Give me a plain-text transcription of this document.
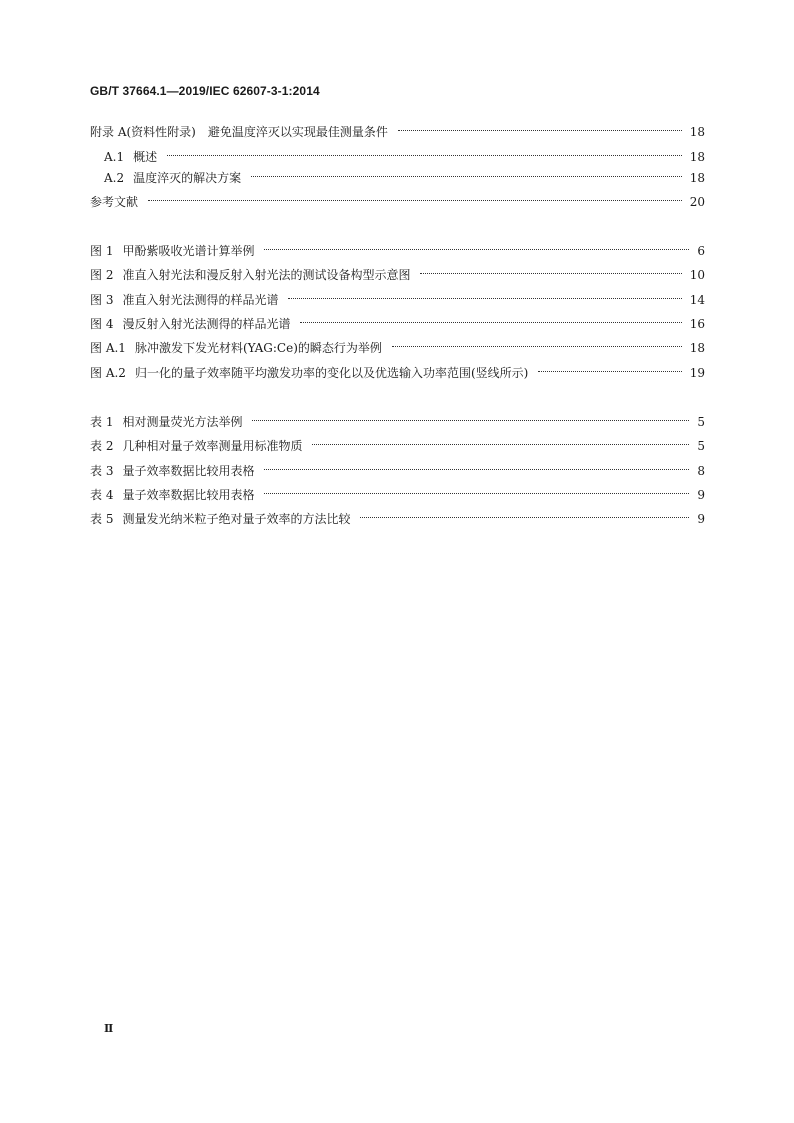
GB/T 37664.1—2019/IEC 62607-3-1:2014
附录 A(资料性附录)　避免温度淬灭以实现最佳测量条件	18
A.1 概述	18
A.2 温度淬灭的解决方案	18
参考文献	20
图 1 甲酚紫吸收光谱计算举例	6
图 2 准直入射光法和漫反射入射光法的测试设备构型示意图	10
图 3 准直入射光法测得的样品光谱	14
图 4 漫反射入射光法测得的样品光谱	16
图 A.1 脉冲激发下发光材料(YAG:Ce)的瞬态行为举例	18
图 A.2 归一化的量子效率随平均激发功率的变化以及优选输入功率范围(竖线所示)	19
表 1 相对测量荧光方法举例	5
表 2 几种相对量子效率测量用标准物质	5
表 3 量子效率数据比较用表格	8
表 4 量子效率数据比较用表格	9
表 5 测量发光纳米粒子绝对量子效率的方法比较	9
Ⅱ
